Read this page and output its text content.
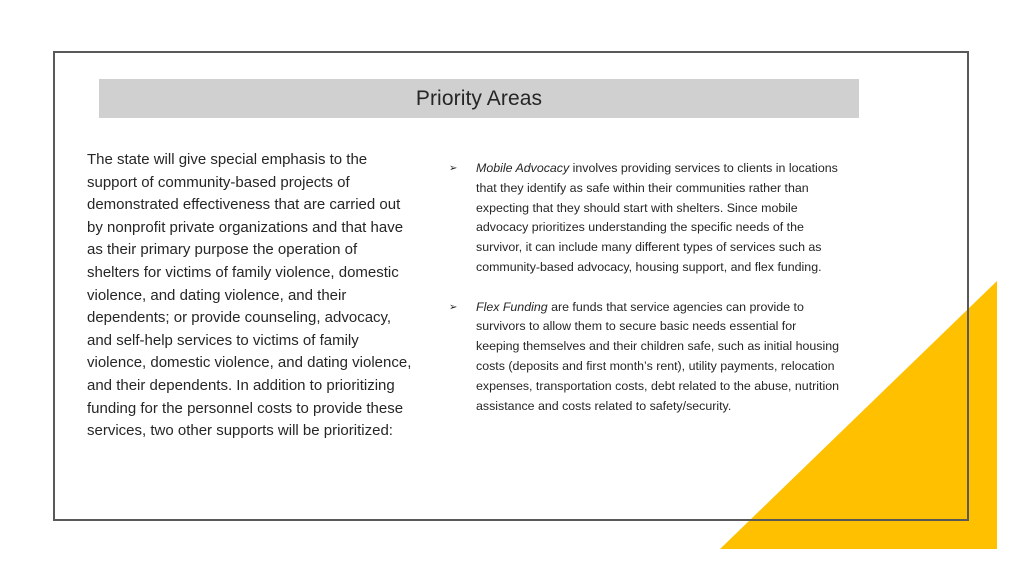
Priority Areas

The state will give special emphasis to the support of community-based projects of demonstrated effectiveness that are carried out by nonprofit private organizations and that have as their primary purpose the operation of shelters for victims of family violence, domestic violence, and dating violence, and their dependents; or provide counseling, advocacy, and self-help services to victims of family violence, domestic violence, and dating violence, and their dependents. In addition to prioritizing funding for the personnel costs to provide these services, two other supports will be prioritized:

➢ Mobile Advocacy involves providing services to clients in locations that they identify as safe within their communities rather than expecting that they should start with shelters. Since mobile advocacy prioritizes understanding the specific needs of the survivor, it can include many different types of services such as community-based advocacy, housing support, and flex funding.
➢ Flex Funding are funds that service agencies can provide to survivors to allow them to secure basic needs essential for keeping themselves and their children safe, such as initial housing costs (deposits and first month’s rent), utility payments, relocation expenses, transportation costs, debt related to the abuse, nutrition assistance and costs related to safety/security.
